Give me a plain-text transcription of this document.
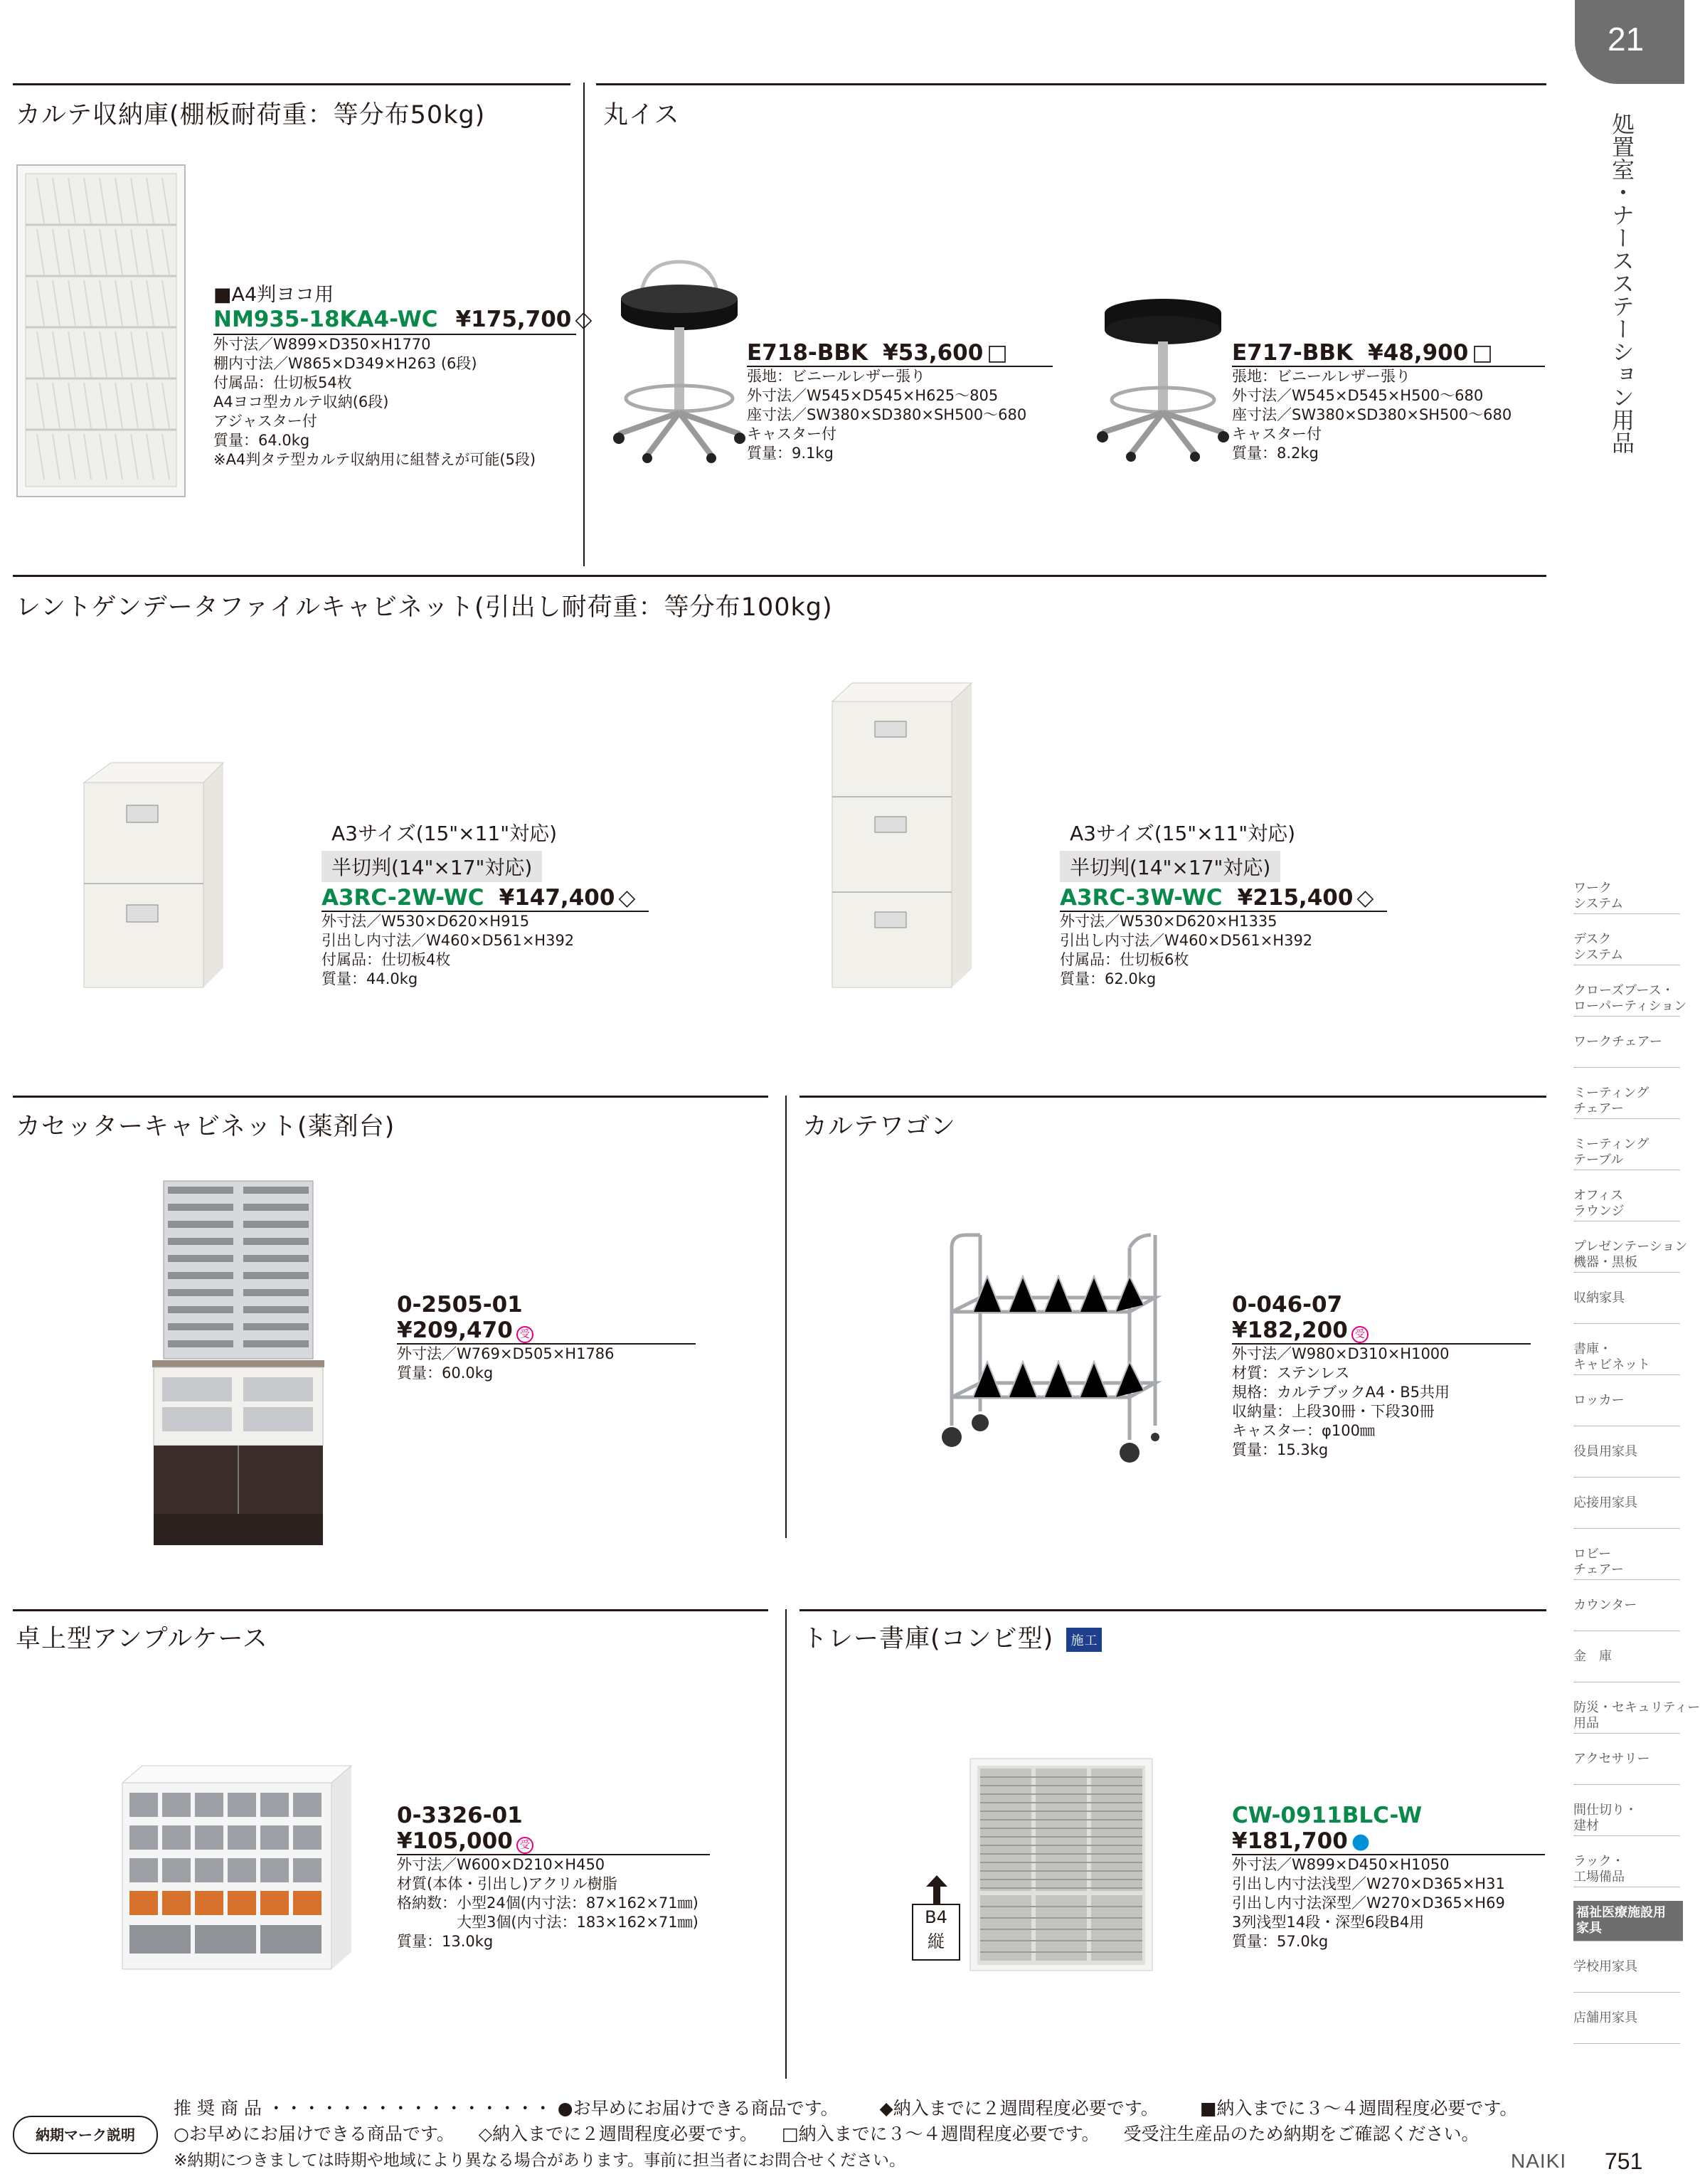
21
処置室・ナースステーション用品
カルテ収納庫(棚板耐荷重：等分布50kg)
■A4判ヨコ用
NM935-18KA4-WC ¥175,700 ◇
外寸法／W899×D350×H1770
棚内寸法／W865×D349×H263 (6段)
付属品：仕切板54枚
A4ヨコ型カルテ収納(6段)
アジャスター付
質量：64.0kg
※A4判タテ型カルテ収納用に組替えが可能(5段)
丸イス
E718-BBK ¥53,600 □
張地：ビニールレザー張り
外寸法／W545×D545×H625～805
座寸法／SW380×SD380×SH500～680
キャスター付
質量：9.1kg
E717-BBK ¥48,900 □
張地：ビニールレザー張り
外寸法／W545×D545×H500～680
座寸法／SW380×SD380×SH500～680
キャスター付
質量：8.2kg
レントゲンデータファイルキャビネット(引出し耐荷重：等分布100kg)
A3サイズ(15"×11"対応)
半切判(14"×17"対応)
A3RC-2W-WC ¥147,400 ◇
外寸法／W530×D620×H915
引出し内寸法／W460×D561×H392
付属品：仕切板4枚
質量：44.0kg
A3サイズ(15"×11"対応)
半切判(14"×17"対応)
A3RC-3W-WC ¥215,400 ◇
外寸法／W530×D620×H1335
引出し内寸法／W460×D561×H392
付属品：仕切板6枚
質量：62.0kg
カセッターキャビネット(薬剤台)
0-2505-01
¥209,470 受
外寸法／W769×D505×H1786
質量：60.0kg
カルテワゴン
0-046-07
¥182,200 受
外寸法／W980×D310×H1000
材質：ステンレス
規格：カルテブックA4・B5共用
収納量：上段30冊・下段30冊
キャスター：φ100㎜
質量：15.3kg
卓上型アンプルケース
0-3326-01
¥105,000 受
外寸法／W600×D210×H450
材質(本体・引出し)アクリル樹脂
格納数：小型24個(内寸法：87×162×71㎜)
　　　　大型3個(内寸法：183×162×71㎜)
質量：13.0kg
トレー書庫(コンビ型) 施工
B4
縦
CW-0911BLC-W
¥181,700 ●
外寸法／W899×D450×H1050
引出し内寸法浅型／W270×D365×H31
引出し内寸法深型／W270×D365×H69
3列浅型14段・深型6段B4用
質量：57.0kg
ワーク
システム
デスク
システム
クローズブース・
ローパーティション
ワークチェアー
ミーティング
チェアー
ミーティング
テーブル
オフィス
ラウンジ
プレゼンテーション
機器・黒板
収納家具
書庫・
キャビネット
ロッカー
役員用家具
応接用家具
ロビー
チェアー
カウンター
金　庫
防災・セキュリティー
用品
アクセサリー
間仕切り・
建材
ラック・
工場備品
福祉医療施設用
家具
学校用家具
店舗用家具
納期マーク説明
推 奨 商 品 ・・・・・・・・・・・・・・・・ ●お早めにお届けできる商品です。 ◆納入までに２週間程度必要です。 ■納入までに３～４週間程度必要です。
○お早めにお届けできる商品です。 ◇納入までに２週間程度必要です。 □納入までに３～４週間程度必要です。 受受注生産品のため納期をご確認ください。
※納期につきましては時期や地域により異なる場合があります。事前に担当者にお問合せください。	NAIKI 751
